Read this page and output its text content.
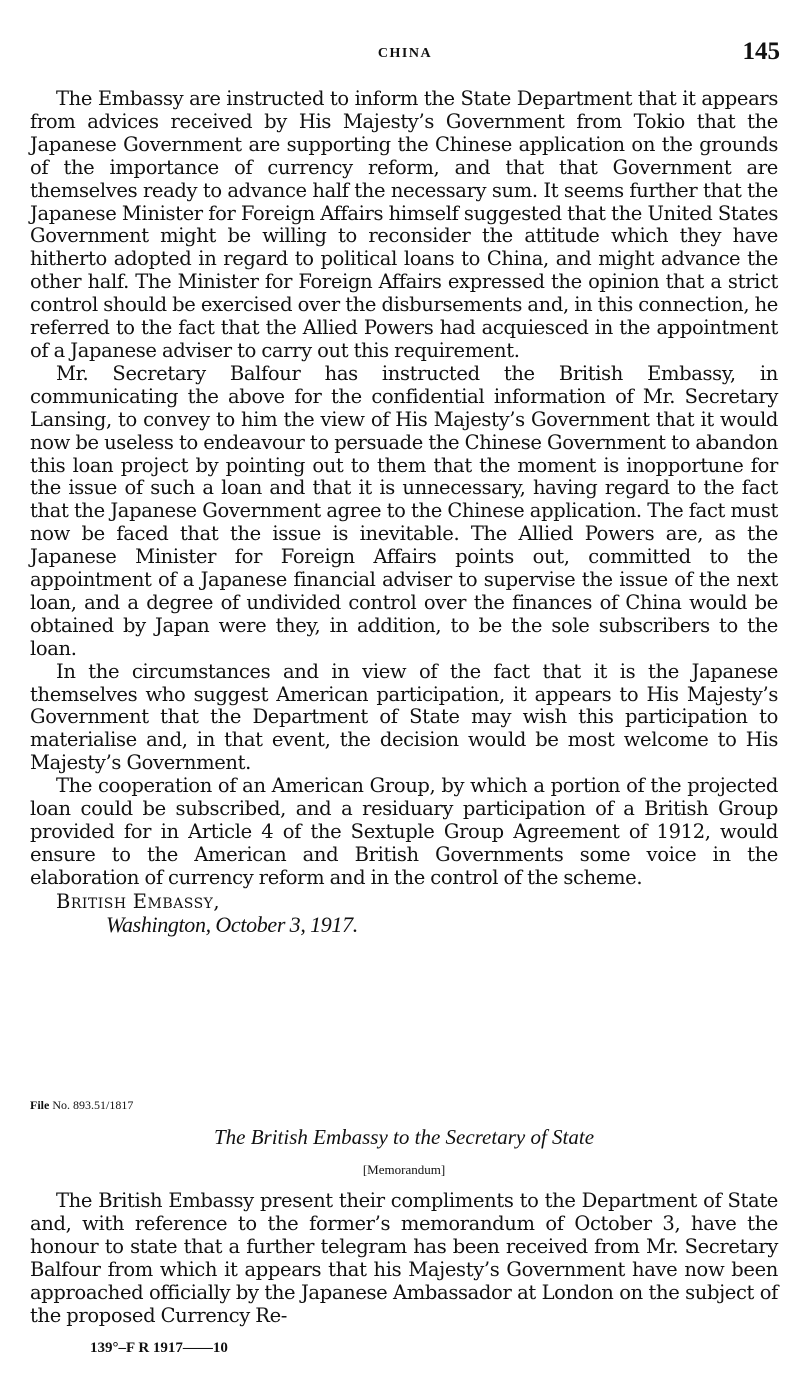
CHINA	145

The Embassy are instructed to inform the State Department that it appears from advices received by His Majesty’s Government from Tokio that the Japanese Government are supporting the Chinese application on the grounds of the importance of currency reform, and that that Government are themselves ready to advance half the necessary sum. It seems further that the Japanese Minister for Foreign Affairs himself suggested that the United States Government might be willing to reconsider the attitude which they have hitherto adopted in regard to political loans to China, and might advance the other half. The Minister for Foreign Affairs expressed the opinion that a strict control should be exercised over the disbursements and, in this connection, he referred to the fact that the Allied Powers had acquiesced in the appointment of a Japanese adviser to carry out this requirement.

Mr. Secretary Balfour has instructed the British Embassy, in communicating the above for the confidential information of Mr. Secretary Lansing, to convey to him the view of His Majesty’s Government that it would now be useless to endeavour to persuade the Chinese Government to abandon this loan project by pointing out to them that the moment is inopportune for the issue of such a loan and that it is unnecessary, having regard to the fact that the Japanese Government agree to the Chinese application. The fact must now be faced that the issue is inevitable. The Allied Powers are, as the Japanese Minister for Foreign Affairs points out, committed to the appointment of a Japanese financial adviser to supervise the issue of the next loan, and a degree of undivided control over the finances of China would be obtained by Japan were they, in addition, to be the sole subscribers to the loan.

In the circumstances and in view of the fact that it is the Japanese themselves who suggest American participation, it appears to His Majesty’s Government that the Department of State may wish this participation to materialise and, in that event, the decision would be most welcome to His Majesty’s Government.

The cooperation of an American Group, by which a portion of the projected loan could be subscribed, and a residuary participation of a British Group provided for in Article 4 of the Sextuple Group Agreement of 1912, would ensure to the American and British Governments some voice in the elaboration of currency reform and in the control of the scheme.

British Embassy,
Washington, October 3, 1917.
File No. 893.51/1817
The British Embassy to the Secretary of State
[Memorandum]

The British Embassy present their compliments to the Department of State and, with reference to the former’s memorandum of October 3, have the honour to state that a further telegram has been received from Mr. Secretary Balfour from which it appears that his Majesty’s Government have now been approached officially by the Japanese Ambassador at London on the subject of the proposed Currency Re-

139°–F R 1917——10
